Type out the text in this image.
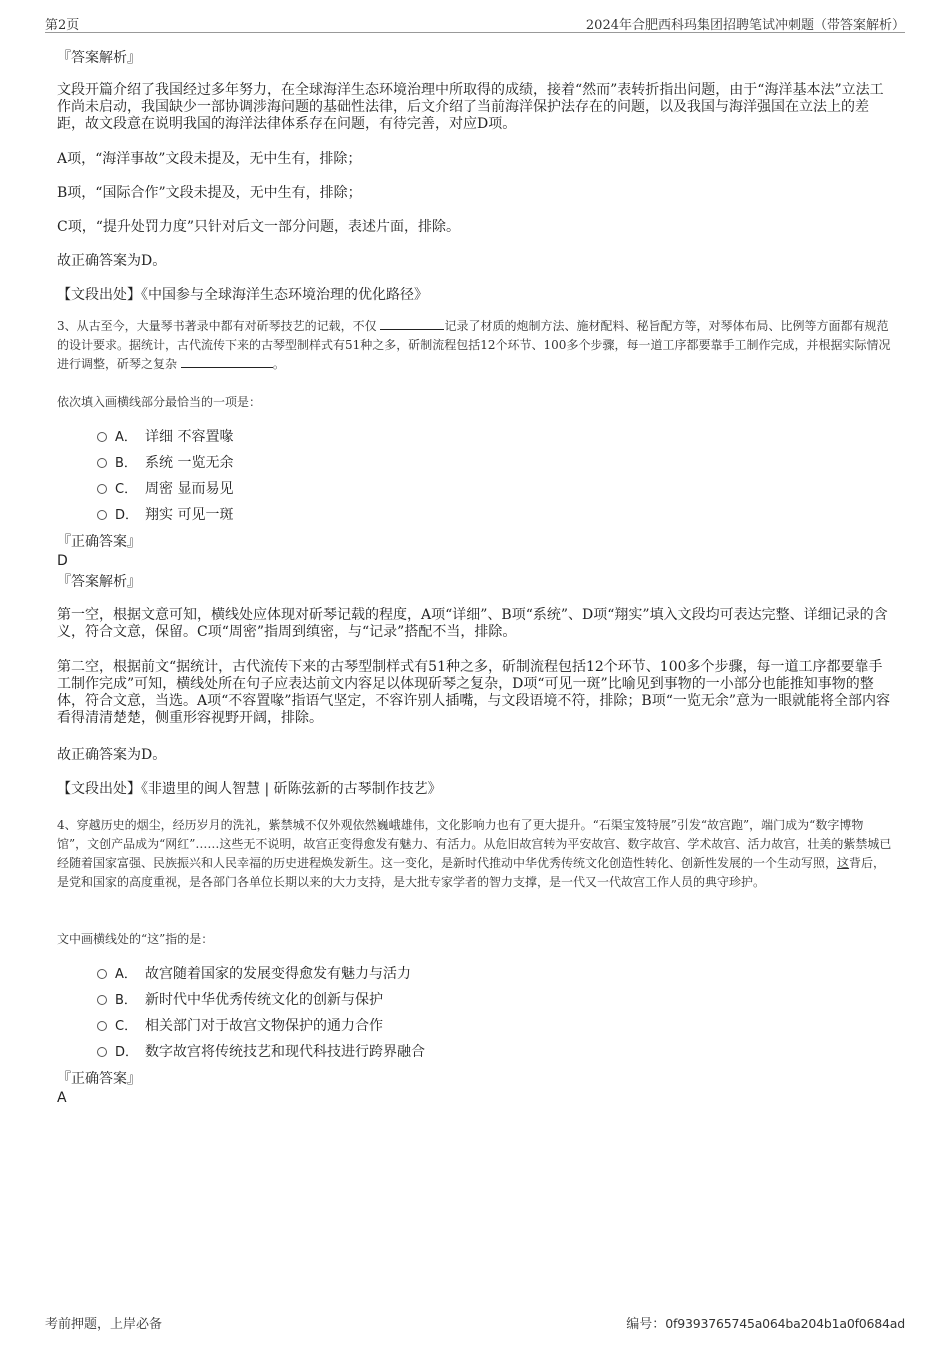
第2页	2024年合肥西科玛集团招聘笔试冲刺题（带答案解析）
『答案解析』

文段开篇介绍了我国经过多年努力，在全球海洋生态环境治理中所取得的成绩，接着“然而”表转折指出问题，由于“海洋基本法”立法工作尚未启动，我国缺少一部协调涉海问题的基础性法律，后文介绍了当前海洋保护法存在的问题，以及我国与海洋强国在立法上的差距，故文段意在说明我国的海洋法律体系存在问题，有待完善，对应D项。

A项，“海洋事故”文段未提及，无中生有，排除；

B项，“国际合作”文段未提及，无中生有，排除；

C项，“提升处罚力度”只针对后文一部分问题，表述片面，排除。

故正确答案为D。

【文段出处】《中国参与全球海洋生态环境治理的优化路径》

3、从古至今，大量琴书著录中都有对斫琴技艺的记载，不仅	记录了材质的炮制方法、施材配料、秘旨配方等，对琴体布局、比例等方面都有规范的设计要求。据统计，古代流传下来的古琴型制样式有51种之多，斫制流程包括12个环节、100多个步骤，每一道工序都要靠手工制作完成，并根据实际情况进行调整，斫琴之复杂	。

依次填入画横线部分最恰当的一项是：

A． 详细 不容置喙
B． 系统 一览无余
C． 周密 显而易见
D． 翔实 可见一斑
『正确答案』
D
『答案解析』

第一空，根据文意可知，横线处应体现对斫琴记载的程度，A项“详细”、B项“系统”、D项“翔实”填入文段均可表达完整、详细记录的含义，符合文意，保留。C项“周密”指周到缜密，与“记录”搭配不当，排除。

第二空，根据前文“据统计，古代流传下来的古琴型制样式有51种之多，斫制流程包括12个环节、100多个步骤，每一道工序都要靠手工制作完成”可知，横线处所在句子应表达前文内容足以体现斫琴之复杂，D项“可见一斑”比喻见到事物的一小部分也能推知事物的整体，符合文意，当选。A项“不容置喙”指语气坚定，不容许别人插嘴，与文段语境不符，排除；B项“一览无余”意为一眼就能将全部内容看得清清楚楚，侧重形容视野开阔，排除。

故正确答案为D。

【文段出处】《非遗里的闽人智慧 | 斫陈弦新的古琴制作技艺》

4、穿越历史的烟尘，经历岁月的洗礼，紫禁城不仅外观依然巍峨雄伟，文化影响力也有了更大提升。“石渠宝笈特展”引发“故宫跑”，端门成为“数字博物馆”，文创产品成为“网红”……这些无不说明，故宫正变得愈发有魅力、有活力。从危旧故宫转为平安故宫、数字故宫、学术故宫、活力故宫，壮美的紫禁城已经随着国家富强、民族振兴和人民幸福的历史进程焕发新生。这一变化，是新时代推动中华优秀传统文化创造性转化、创新性发展的一个生动写照，这背后，是党和国家的高度重视，是各部门各单位长期以来的大力支持，是大批专家学者的智力支撑，是一代又一代故宫工作人员的典守珍护。

文中画横线处的“这”指的是：

A． 故宫随着国家的发展变得愈发有魅力与活力
B． 新时代中华优秀传统文化的创新与保护
C． 相关部门对于故宫文物保护的通力合作
D． 数字故宫将传统技艺和现代科技进行跨界融合
『正确答案』
A
考前押题，上岸必备	编号：0f9393765745a064ba204b1a0f0684ad
